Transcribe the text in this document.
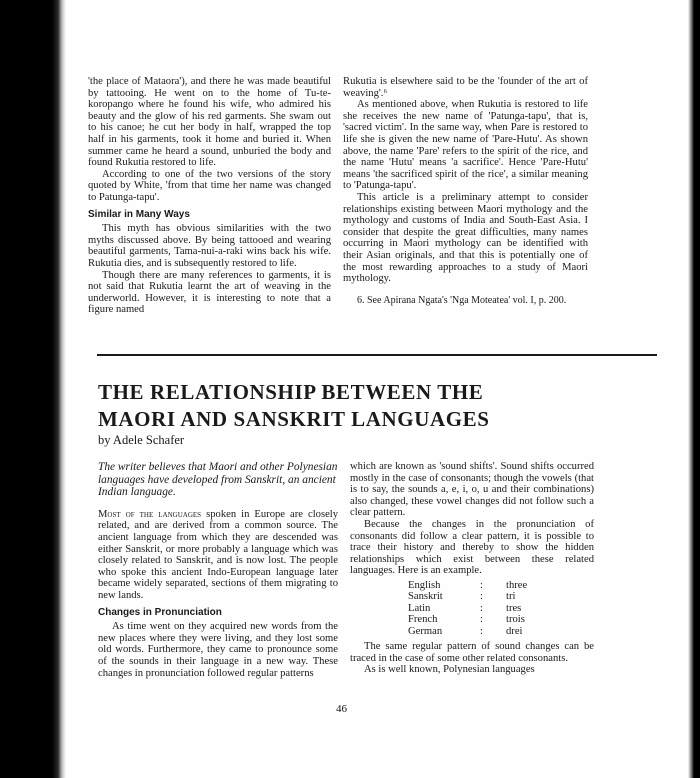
'the place of Mataora'), and there he was made beautiful by tattooing. He went on to the home of Tu-te-koropango where he found his wife, who admired his beauty and the glow of his red garments. She swam out to his canoe; he cut her body in half, wrapped the top half in his garments, took it home and buried it. When summer came he heard a sound, unburied the body and found Rukutia restored to life.

According to one of the two versions of the story quoted by White, 'from that time her name was changed to Patunga-tapu'.

Similar in Many Ways

This myth has obvious similarities with the two myths discussed above. By being tattooed and wearing beautiful garments, Tama-nui-a-raki wins back his wife. Rukutia dies, and is subsequently restored to life.

Though there are many references to garments, it is not said that Rukutia learnt the art of weaving in the underworld. However, it is interesting to note that a figure named

Rukutia is elsewhere said to be the 'founder of the art of weaving'.⁶

As mentioned above, when Rukutia is restored to life she receives the new name of 'Patunga-tapu', that is, 'sacred victim'. In the same way, when Pare is restored to life she is given the new name of 'Pare-Hutu'. As shown above, the name 'Pare' refers to the spirit of the rice, and the name 'Hutu' means 'a sacrifice'. Hence 'Pare-Hutu' means 'the sacrificed spirit of the rice', a similar meaning to 'Patunga-tapu'.

This article is a preliminary attempt to consider relationships existing between Maori mythology and the mythology and customs of India and South-East Asia. I consider that despite the great difficulties, many names occurring in Maori mythology can be identified with their Asian originals, and that this is potentially one of the most rewarding approaches to a study of Maori mythology.

6. See Apirana Ngata's 'Nga Moteatea' vol. I, p. 200.

THE RELATIONSHIP BETWEEN THE
MAORI AND SANSKRIT LANGUAGES
by Adele Schafer

The writer believes that Maori and other Polynesian languages have developed from Sanskrit, an ancient Indian language.

Most of the languages spoken in Europe are closely related, and are derived from a common source. The ancient language from which they are descended was either Sanskrit, or more probably a language which was closely related to Sanskrit, and is now lost. The people who spoke this ancient Indo-European language later became widely separated, sections of them migrating to new lands.

Changes in Pronunciation

As time went on they acquired new words from the new places where they were living, and they lost some old words. Furthermore, they came to pronounce some of the sounds in their language in a new way. These changes in pronunciation followed regular patterns

which are known as 'sound shifts'. Sound shifts occurred mostly in the case of consonants; though the vowels (that is to say, the sounds a, e, i, o, u and their combinations) also changed, these vowel changes did not follow such a clear pattern.

Because the changes in the pronunciation of consonants did follow a clear pattern, it is possible to trace their history and thereby to show the hidden relationships which exist between these related languages. Here is an example.

English	:	three
Sanskrit	:	tri
Latin	:	tres
French	:	trois
German	:	drei

The same regular pattern of sound changes can be traced in the case of some other related consonants.

As is well known, Polynesian languages

46
